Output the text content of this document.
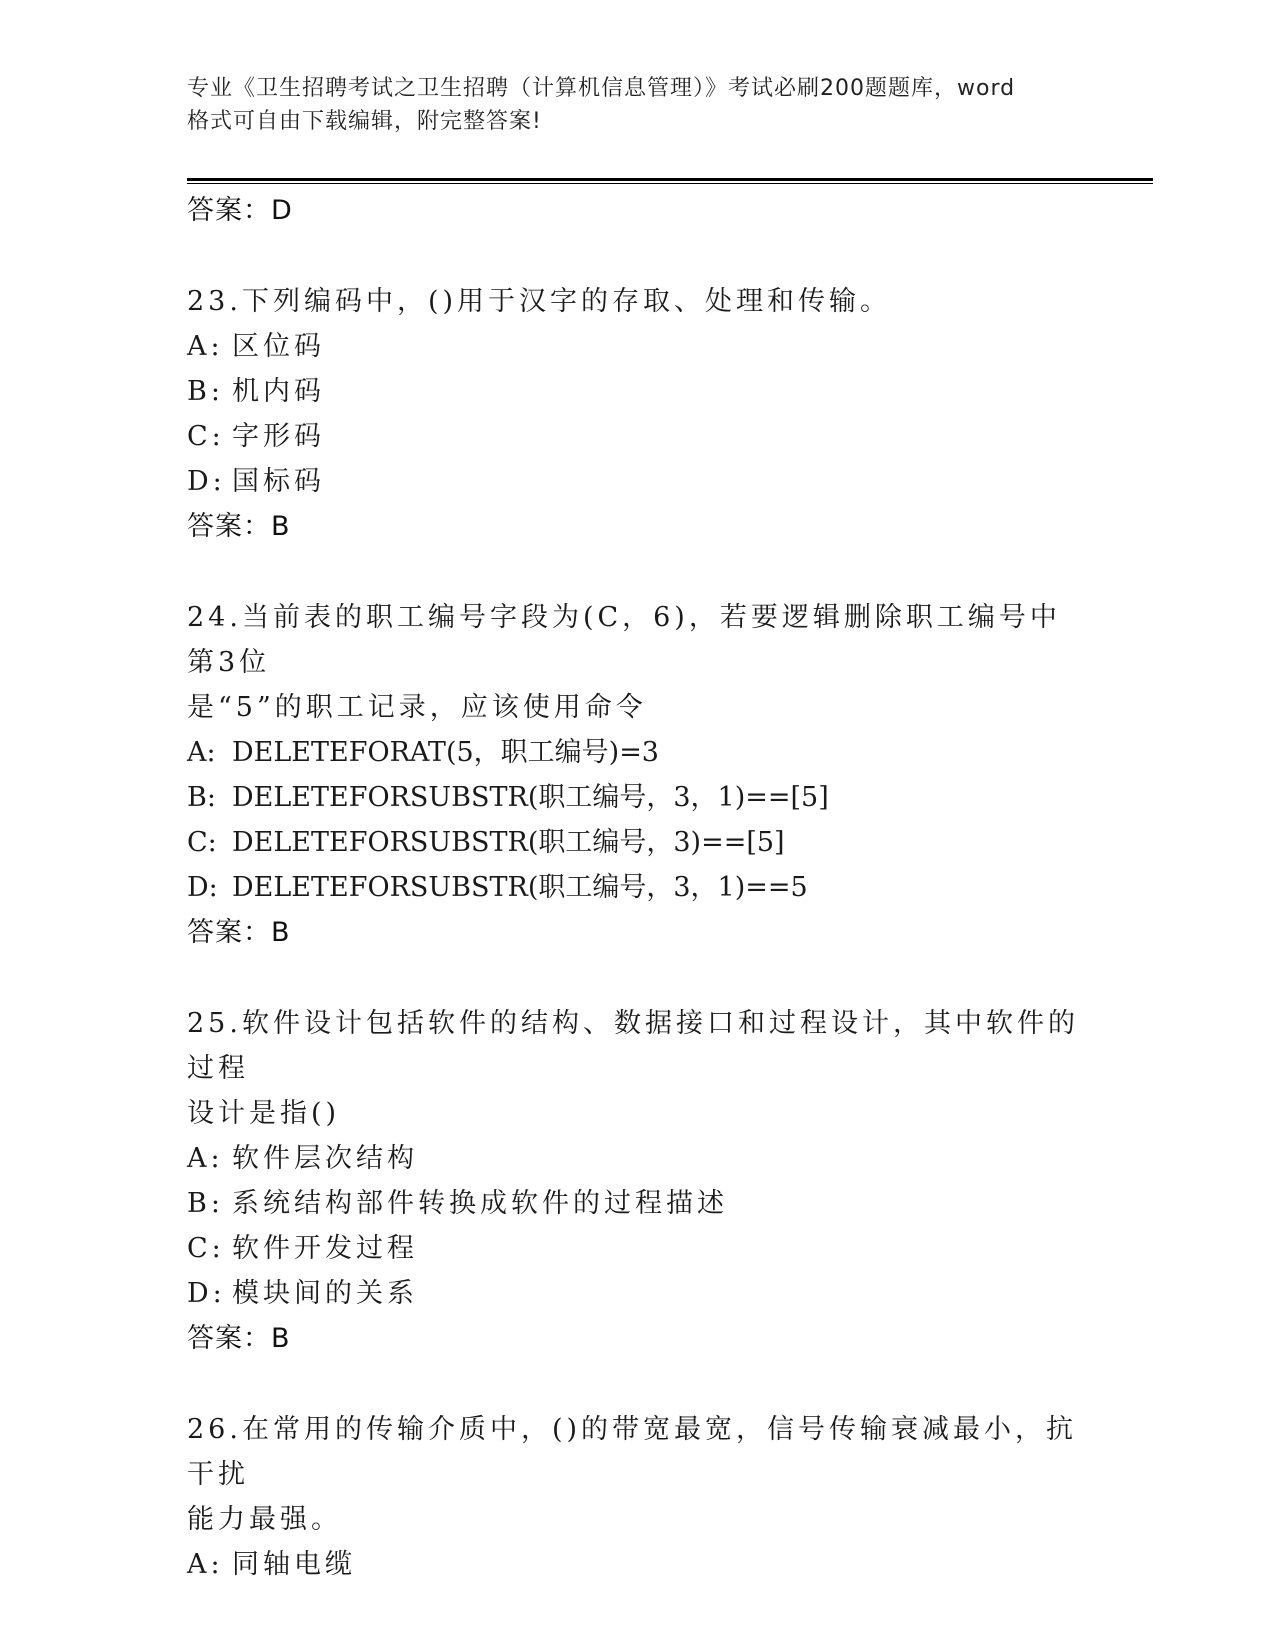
专业《卫生招聘考试之卫生招聘（计算机信息管理）》考试必刷200题题库，word
格式可自由下载编辑，附完整答案!
答案：D
23.下列编码中，()用于汉字的存取、处理和传输。
A: 区位码
B: 机内码
C: 字形码
D: 国标码
答案：B
24.当前表的职工编号字段为(C，6)，若要逻辑删除职工编号中第3位
是“5”的职工记录，应该使用命令
A: DELETEFORAT(5，职工编号)=3
B: DELETEFORSUBSTR(职工编号，3，1)==[5]
C: DELETEFORSUBSTR(职工编号，3)==[5]
D: DELETEFORSUBSTR(职工编号，3，1)==5
答案：B
25.软件设计包括软件的结构、数据接口和过程设计，其中软件的过程
设计是指()
A: 软件层次结构
B: 系统结构部件转换成软件的过程描述
C: 软件开发过程
D: 模块间的关系
答案：B
26.在常用的传输介质中，()的带宽最宽，信号传输衰减最小，抗干扰
能力最强。
A: 同轴电缆
